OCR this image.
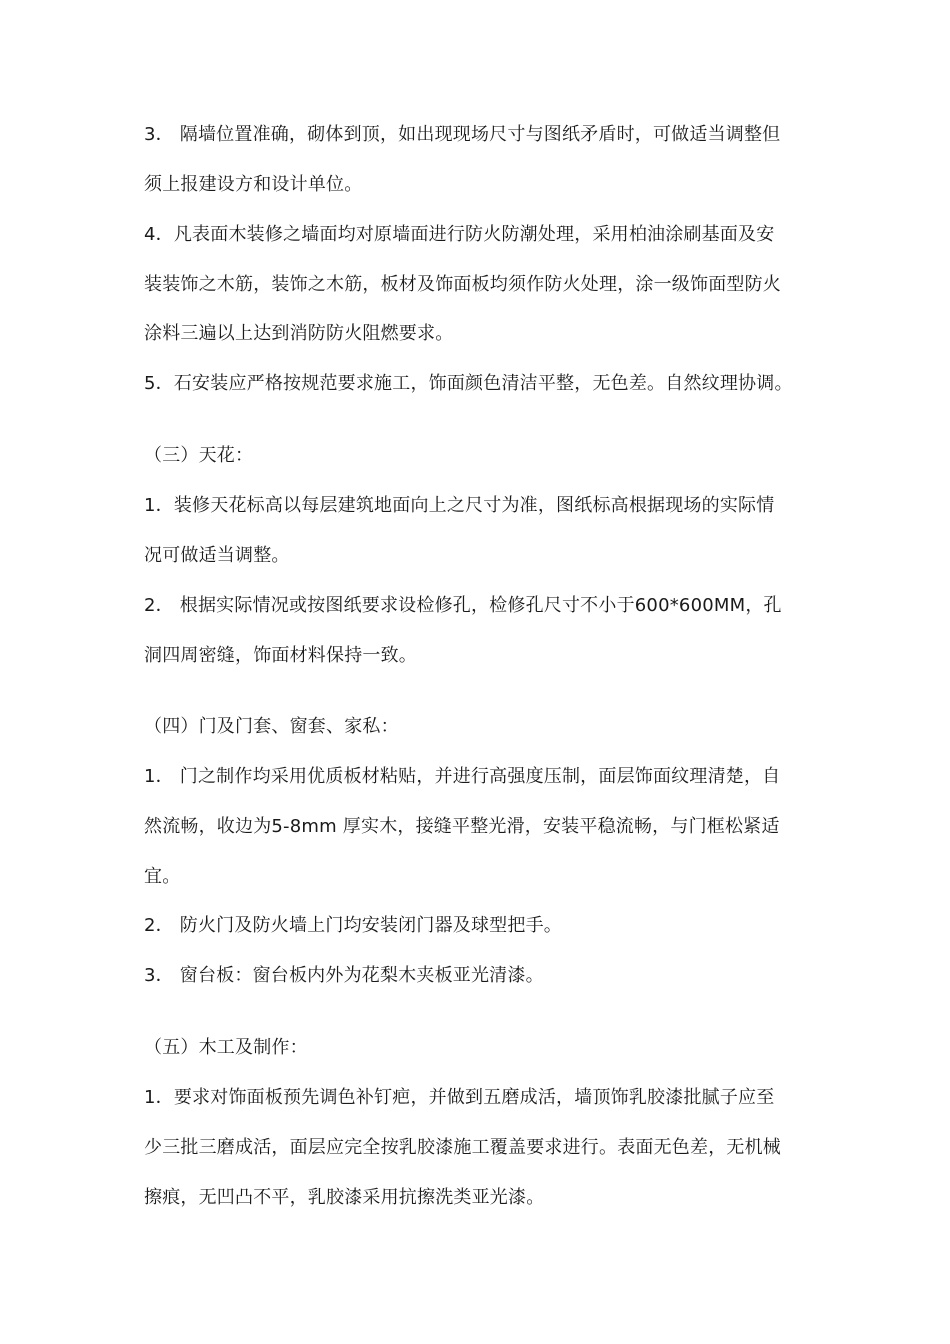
3． 隔墙位置准确，砌体到顶，如出现现场尺寸与图纸矛盾时，可做适当调整但
须上报建设方和设计单位。
4．凡表面木装修之墙面均对原墙面进行防火防潮处理，采用柏油涂刷基面及安
装装饰之木筋，装饰之木筋，板材及饰面板均须作防火处理，涂一级饰面型防火
涂料三遍以上达到消防防火阻燃要求。
5．石安装应严格按规范要求施工，饰面颜色清洁平整，无色差。自然纹理协调。
（三）天花：
1．装修天花标高以每层建筑地面向上之尺寸为准，图纸标高根据现场的实际情
况可做适当调整。
2． 根据实际情况或按图纸要求设检修孔，检修孔尺寸不小于600*600MM，孔
洞四周密缝，饰面材料保持一致。
（四）门及门套、窗套、家私：
1． 门之制作均采用优质板材粘贴，并进行高强度压制，面层饰面纹理清楚，自
然流畅，收边为5-8mm 厚实木，接缝平整光滑，安装平稳流畅，与门框松紧适
宜。
2． 防火门及防火墙上门均安装闭门器及球型把手。
3． 窗台板：窗台板内外为花梨木夹板亚光清漆。
（五）木工及制作：
1．要求对饰面板预先调色补钉疤，并做到五磨成活，墙顶饰乳胶漆批腻子应至
少三批三磨成活，面层应完全按乳胶漆施工覆盖要求进行。表面无色差，无机械
擦痕，无凹凸不平，乳胶漆采用抗擦洗类亚光漆。
